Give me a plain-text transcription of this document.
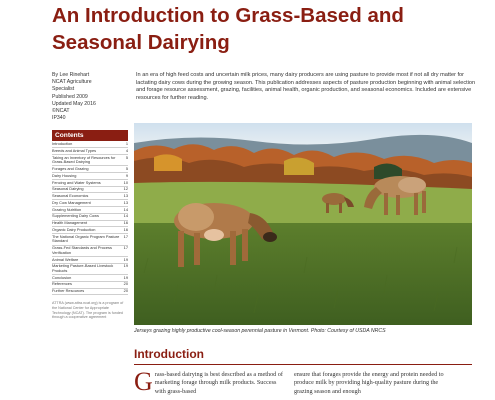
An Introduction to Grass-Based and Seasonal Dairying
By Lee Rinehart
NCAT Agriculture
Specialist
Published 2009
Updated May 2016
©NCAT
IP340
Contents
Introduction	1
Breeds and Animal Types	4
Taking an Inventory of Resources for Grass-Based Dairying
5
Forages and Grazing	5
Dairy Housing	9
Fencing and Water Systems	10
Seasonal Dairying	12
Seasonal Economics	13
Dry Cow Management	13
Grazing Nutrition	14
Supplementing Dairy Cows	14
Health Management	16
Organic Dairy Production	16
The National Organic Program Pasture Standard
17
Grass-Fed Standards and Process Verification
17
Animal Welfare	19
Marketing Pasture-Based Livestock Products
19
Conclusion	19
References	20
Further Resources	20
ATTRA (www.attra.ncat.org) is a program of the National Center for Appropriate Technology (NCAT). The program is funded through a cooperative agreement
In an era of high feed costs and uncertain milk prices, many dairy producers are using pasture to provide most if not all dry matter for lactating dairy cows during the growing season. This publication addresses aspects of pasture production beginning with animal selection and forage resource assessment, grazing, facilities, animal health, organic production, and seasonal economics. Included are extensive resources for further reading.
Jerseys grazing highly productive cool-season perennial pasture in Vermont. Photo: Courtesy of USDA NRCS
Introduction
Grass-based dairying is best described as a method of marketing forage through milk products. Success with grass-based
ensure that forages provide the energy and protein needed to produce milk by providing high-quality pasture during the grazing season and enough
